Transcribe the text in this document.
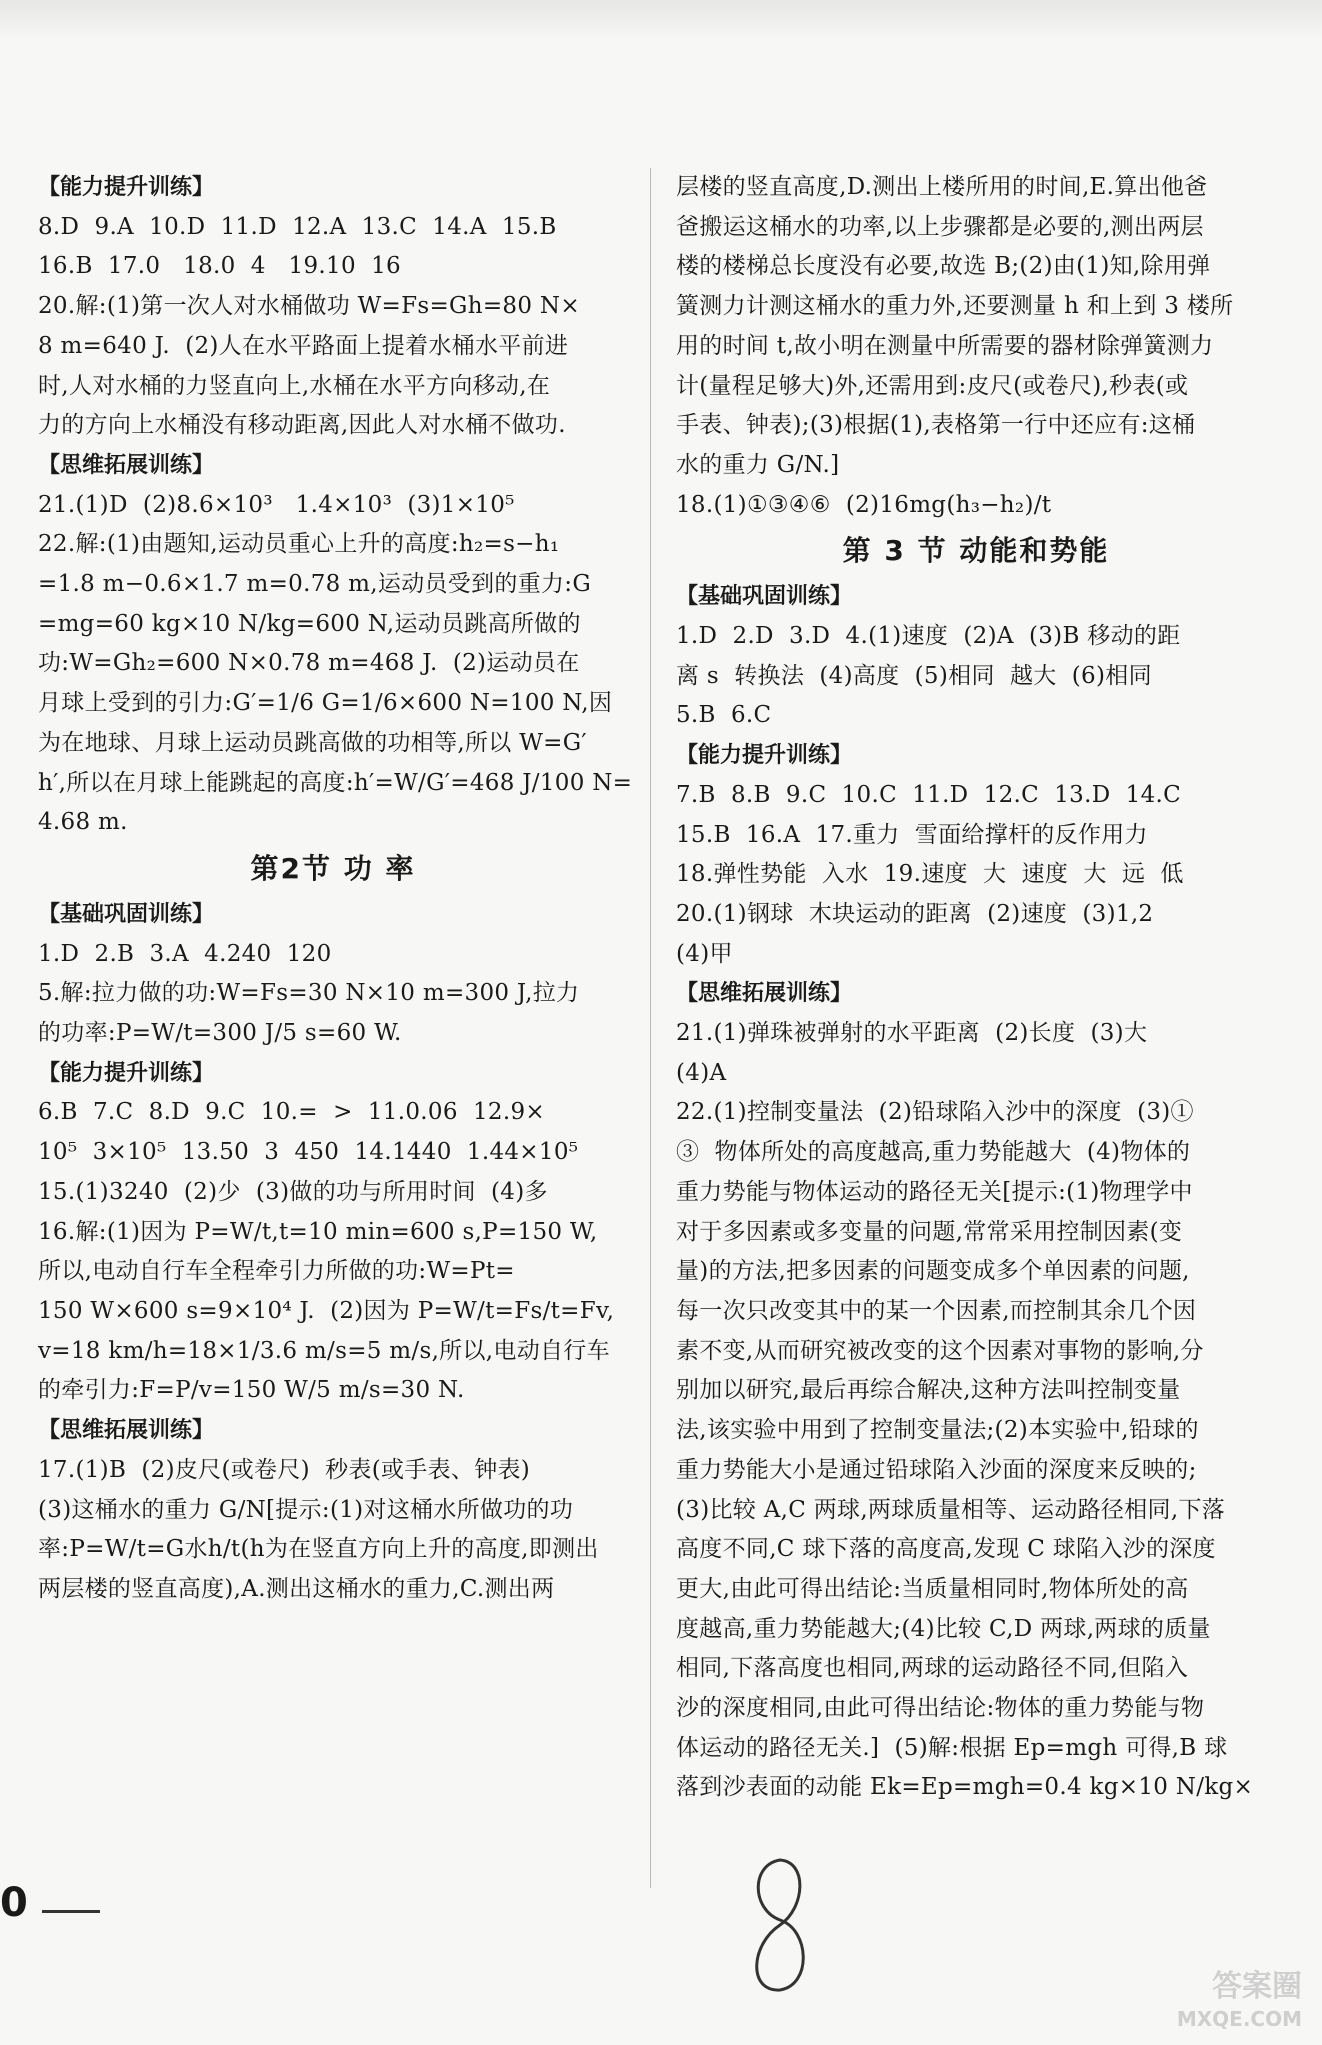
【能力提升训练】
8.D  9.A  10.D  11.D  12.A  13.C  14.A  15.B
16.B  17.0   18.0  4   19.10  16
20.解:(1)第一次人对水桶做功 W=Fs=Gh=80 N×
8 m=640 J.  (2)人在水平路面上提着水桶水平前进
时,人对水桶的力竖直向上,水桶在水平方向移动,在
力的方向上水桶没有移动距离,因此人对水桶不做功.
【思维拓展训练】
21.(1)D  (2)8.6×10³   1.4×10³  (3)1×10⁵
22.解:(1)由题知,运动员重心上升的高度:h₂=s−h₁
=1.8 m−0.6×1.7 m=0.78 m,运动员受到的重力:G
=mg=60 kg×10 N/kg=600 N,运动员跳高所做的
功:W=Gh₂=600 N×0.78 m=468 J.  (2)运动员在
月球上受到的引力:G′=1/6 G=1/6×600 N=100 N,因
为在地球、月球上运动员跳高做的功相等,所以 W=G′
h′,所以在月球上能跳起的高度:h′=W/G′=468 J/100 N=
4.68 m.
第2节 功 率
【基础巩固训练】
1.D  2.B  3.A  4.240  120
5.解:拉力做的功:W=Fs=30 N×10 m=300 J,拉力
的功率:P=W/t=300 J/5 s=60 W.
【能力提升训练】
6.B  7.C  8.D  9.C  10.=  >  11.0.06  12.9×
10⁵  3×10⁵  13.50  3  450  14.1440  1.44×10⁵
15.(1)3240  (2)少  (3)做的功与所用时间  (4)多
16.解:(1)因为 P=W/t,t=10 min=600 s,P=150 W,
所以,电动自行车全程牵引力所做的功:W=Pt=
150 W×600 s=9×10⁴ J.  (2)因为 P=W/t=Fs/t=Fv,
v=18 km/h=18×1/3.6 m/s=5 m/s,所以,电动自行车
的牵引力:F=P/v=150 W/5 m/s=30 N.
【思维拓展训练】
17.(1)B  (2)皮尺(或卷尺)  秒表(或手表、钟表)
(3)这桶水的重力 G/N[提示:(1)对这桶水所做功的功
率:P=W/t=G水h/t(h为在竖直方向上升的高度,即测出
两层楼的竖直高度),A.测出这桶水的重力,C.测出两
层楼的竖直高度,D.测出上楼所用的时间,E.算出他爸
爸搬运这桶水的功率,以上步骤都是必要的,测出两层
楼的楼梯总长度没有必要,故选 B;(2)由(1)知,除用弹
簧测力计测这桶水的重力外,还要测量 h 和上到 3 楼所
用的时间 t,故小明在测量中所需要的器材除弹簧测力
计(量程足够大)外,还需用到:皮尺(或卷尺),秒表(或
手表、钟表);(3)根据(1),表格第一行中还应有:这桶
水的重力 G/N.]
18.(1)①③④⑥  (2)16mg(h₃−h₂)/t
第 3 节 动能和势能
【基础巩固训练】
1.D  2.D  3.D  4.(1)速度  (2)A  (3)B 移动的距
离 s  转换法  (4)高度  (5)相同  越大  (6)相同
5.B  6.C
【能力提升训练】
7.B  8.B  9.C  10.C  11.D  12.C  13.D  14.C
15.B  16.A  17.重力  雪面给撑杆的反作用力
18.弹性势能  入水  19.速度  大  速度  大  远  低
20.(1)钢球  木块运动的距离  (2)速度  (3)1,2
(4)甲
【思维拓展训练】
21.(1)弹珠被弹射的水平距离  (2)长度  (3)大
(4)A
22.(1)控制变量法  (2)铅球陷入沙中的深度  (3)①
③  物体所处的高度越高,重力势能越大  (4)物体的
重力势能与物体运动的路径无关[提示:(1)物理学中
对于多因素或多变量的问题,常常采用控制因素(变
量)的方法,把多因素的问题变成多个单因素的问题,
每一次只改变其中的某一个因素,而控制其余几个因
素不变,从而研究被改变的这个因素对事物的影响,分
别加以研究,最后再综合解决,这种方法叫控制变量
法,该实验中用到了控制变量法;(2)本实验中,铅球的
重力势能大小是通过铅球陷入沙面的深度来反映的;
(3)比较 A,C 两球,两球质量相等、运动路径相同,下落
高度不同,C 球下落的高度高,发现 C 球陷入沙的深度
更大,由此可得出结论:当质量相同时,物体所处的高
度越高,重力势能越大;(4)比较 C,D 两球,两球的质量
相同,下落高度也相同,两球的运动路径不同,但陷入
沙的深度相同,由此可得出结论:物体的重力势能与物
体运动的路径无关.]  (5)解:根据 Ep=mgh 可得,B 球
落到沙表面的动能 Ek=Ep=mgh=0.4 kg×10 N/kg×
0
答案圈
MXQE.COM
